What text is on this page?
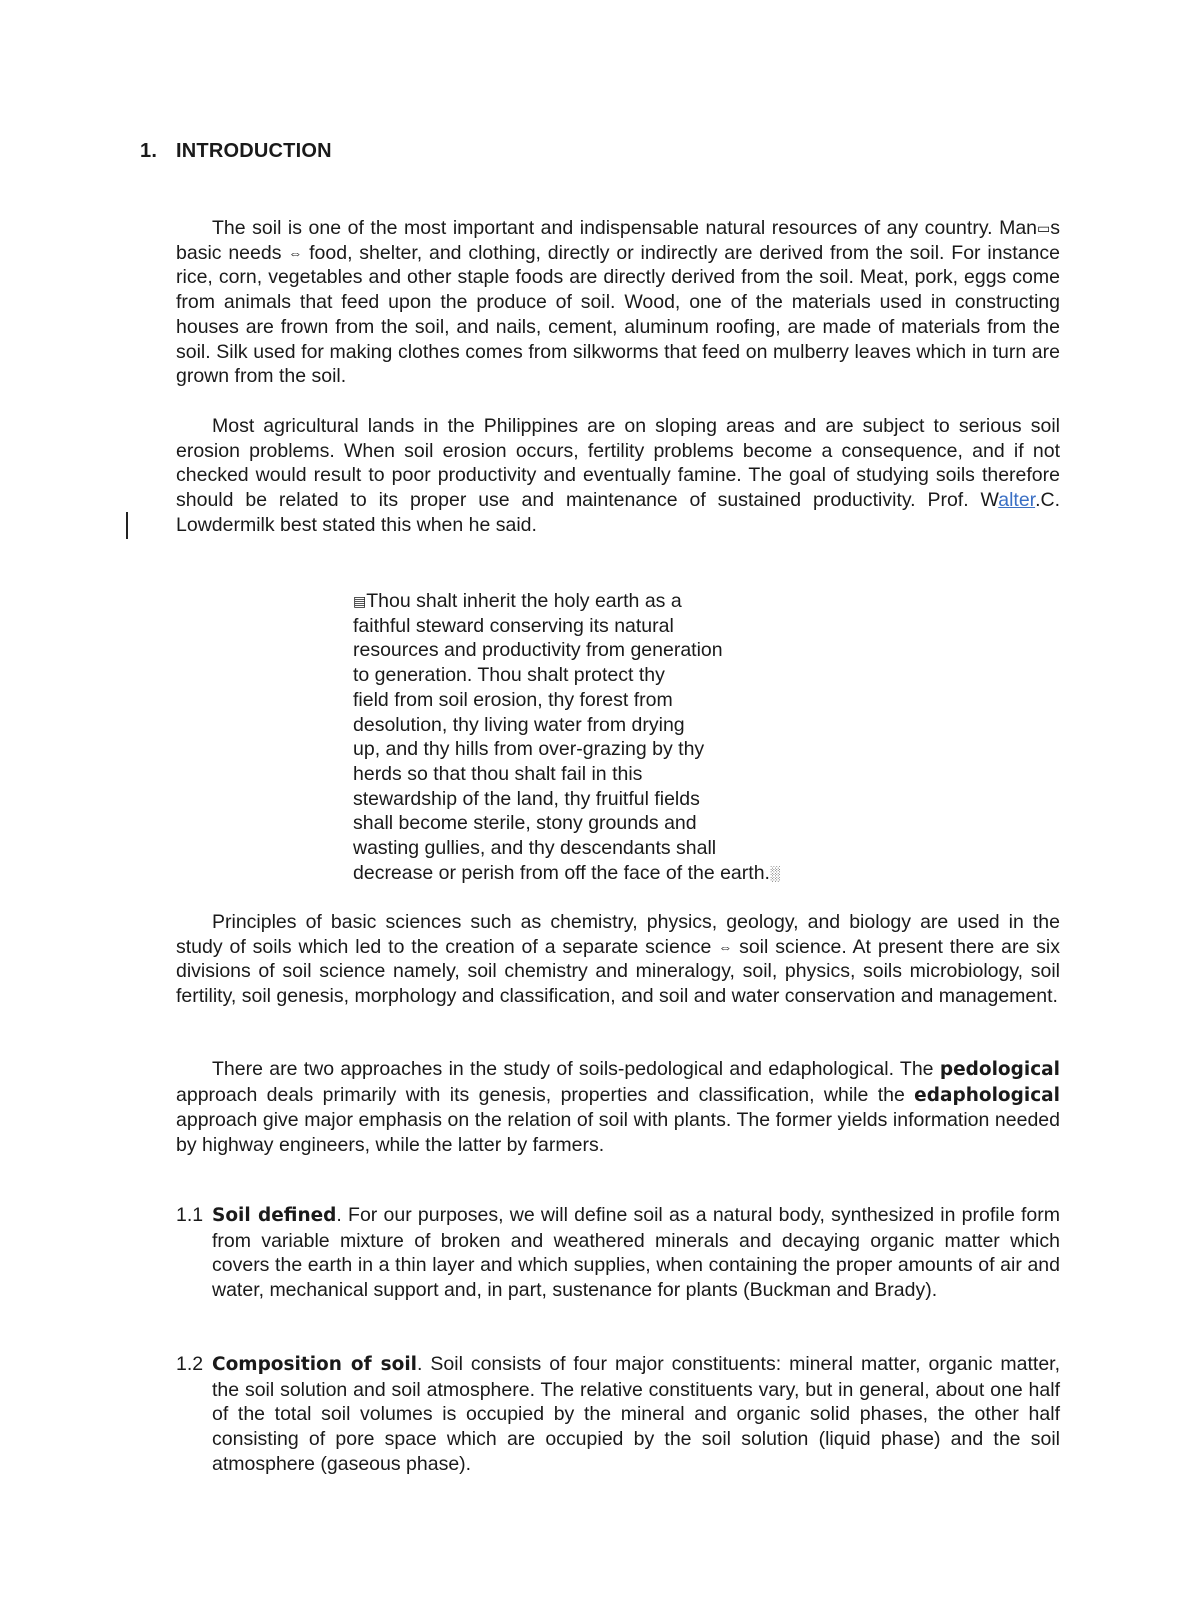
1. INTRODUCTION

The soil is one of the most important and indispensable natural resources of any country. Man▭s basic needs ⇔ food, shelter, and clothing, directly or indirectly are derived from the soil. For instance rice, corn, vegetables and other staple foods are directly derived from the soil. Meat, pork, eggs come from animals that feed upon the produce of soil. Wood, one of the materials used in constructing houses are frown from the soil, and nails, cement, aluminum roofing, are made of materials from the soil. Silk used for making clothes comes from silkworms that feed on mulberry leaves which in turn are grown from the soil.

Most agricultural lands in the Philippines are on sloping areas and are subject to serious soil erosion problems. When soil erosion occurs, fertility problems become a consequence, and if not checked would result to poor productivity and eventually famine. The goal of studying soils therefore should be related to its proper use and maintenance of sustained productivity. Prof. Walter.C. Lowdermilk best stated this when he said.

▤Thou shalt inherit the holy earth as a
faithful steward conserving its natural
resources and productivity from generation
to generation. Thou shalt protect thy
field from soil erosion, thy forest from
desolution, thy living water from drying
up, and thy hills from over-grazing by thy
herds so that thou shalt fail in this
stewardship of the land, thy fruitful fields
shall become sterile, stony grounds and
wasting gullies, and thy descendants shall
decrease or perish from off the face of the earth.░

Principles of basic sciences such as chemistry, physics, geology, and biology are used in the study of soils which led to the creation of a separate science ⇔ soil science. At present there are six divisions of soil science namely, soil chemistry and mineralogy, soil, physics, soils microbiology, soil fertility, soil genesis, morphology and classification, and soil and water conservation and management.

There are two approaches in the study of soils-pedological and edaphological. The pedological approach deals primarily with its genesis, properties and classification, while the edaphological approach give major emphasis on the relation of soil with plants. The former yields information needed by highway engineers, while the latter by farmers.

1.1 Soil defined. For our purposes, we will define soil as a natural body, synthesized in profile form from variable mixture of broken and weathered minerals and decaying organic matter which covers the earth in a thin layer and which supplies, when containing the proper amounts of air and water, mechanical support and, in part, sustenance for plants (Buckman and Brady).
1.2 Composition of soil. Soil consists of four major constituents: mineral matter, organic matter, the soil solution and soil atmosphere. The relative constituents vary, but in general, about one half of the total soil volumes is occupied by the mineral and organic solid phases, the other half consisting of pore space which are occupied by the soil solution (liquid phase) and the soil atmosphere (gaseous phase).
